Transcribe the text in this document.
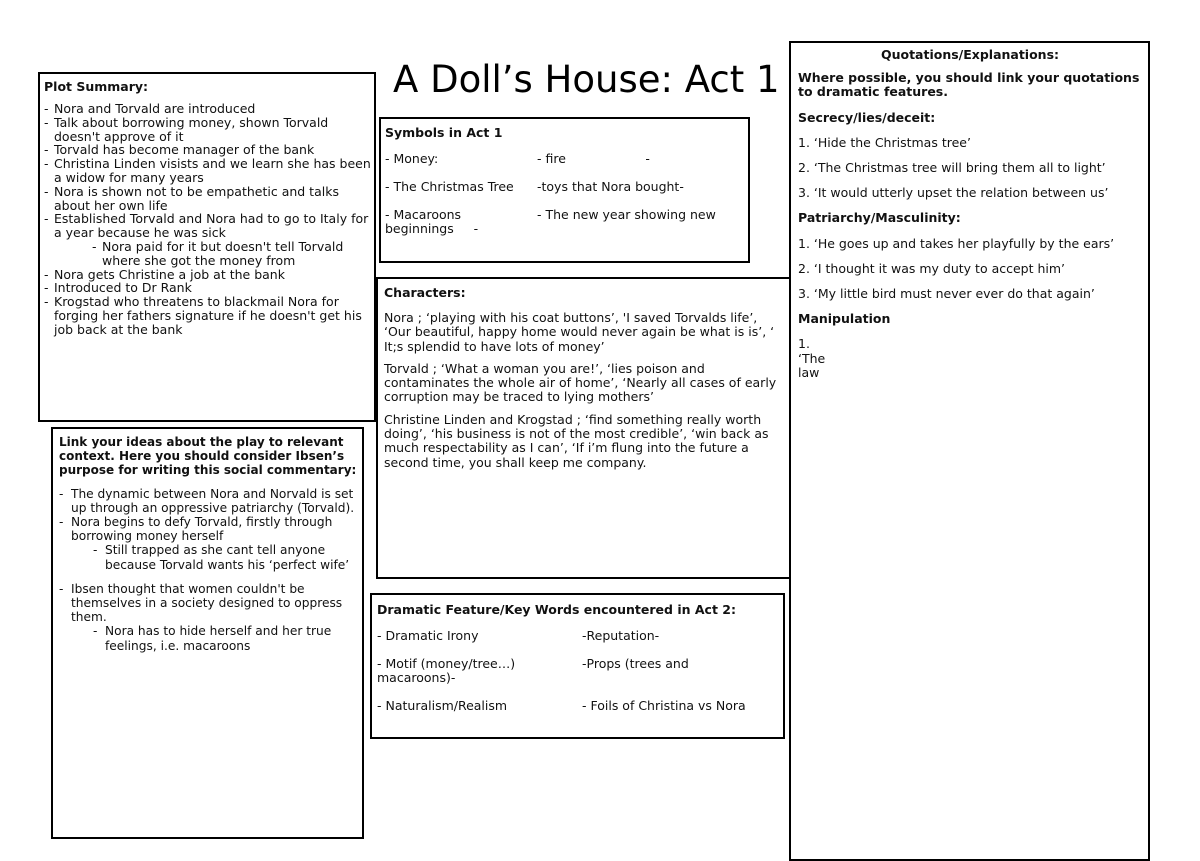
A Doll’s House: Act 1
Plot Summary:
- Nora and Torvald are introduced
- Talk about borrowing money, shown Torvald doesn't approve of it
- Torvald has become manager of the bank
- Christina Linden visists and we learn she has been a widow for many years
- Nora is shown not to be empathetic and talks about her own life
- Established Torvald and Nora had to go to Italy for a year because he was sick
- Nora paid for it but doesn't tell Torvald where she got the money from
- Nora gets Christine a job at the bank
- Introduced to Dr Rank
- Krogstad who threatens to blackmail Nora for forging her fathers signature if he doesn't get his job back at the bank
Link your ideas about the play to relevant context. Here you should consider Ibsen’s purpose for writing this social commentary:
- The dynamic between Nora and Norvald is set up through an oppressive patriarchy (Torvald).
- Nora begins to defy Torvald, firstly through borrowing money herself
- Still trapped as she cant tell anyone because Torvald wants his ‘perfect wife’
- Ibsen thought that women couldn't be themselves in a society designed to oppress them.
- Nora has to hide herself and her true feelings, i.e. macaroons
Symbols in Act 1
- Money:	- fire                    -
- The Christmas Tree	-toys that Nora bought-
- Macaroons	- The new year showing new
beginnings     -
Characters:

Nora ; ‘playing with his coat buttons’, 'I saved Torvalds life’, ‘Our beautiful, happy home would never again be what is is’, ‘ It;s splendid to have lots of money’

Torvald ; ‘What a woman you are!’, ‘lies poison and contaminates the whole air of home’, ‘Nearly all cases of early corruption may be traced to lying mothers’

Christine Linden and Krogstad ; ‘find something really worth doing’, ‘his business is not of the most credible’, ‘win back as much respectability as I can’, ‘If i’m flung into the future a second time, you shall keep me company.

Dramatic Feature/Key Words encountered in Act 2:
- Dramatic Irony	-Reputation-
- Motif (money/tree…)	-Props (trees and
macaroons)-
- Naturalism/Realism	- Foils of Christina vs Nora
Quotations/Explanations:
Where possible, you should link your quotations to dramatic features.
Secrecy/lies/deceit:

1. ‘Hide the Christmas tree’

2. ‘The Christmas tree will bring them all to light’

3. ‘It would utterly upset the relation between us’

Patriarchy/Masculinity:

1. ‘He goes up and takes her playfully by the ears’

2. ‘I thought it was my duty to accept him’

3. ‘My little bird must never ever do that again’

Manipulation

1.

‘The

law
